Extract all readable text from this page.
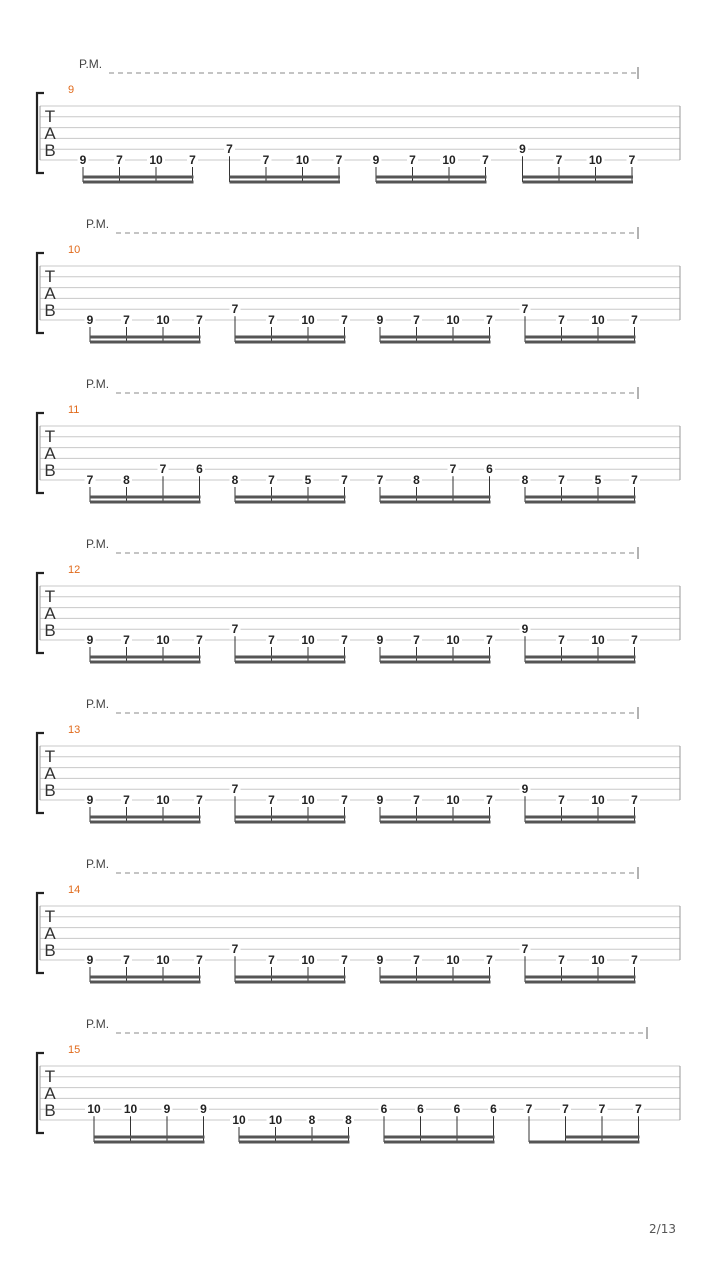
P.M.
9
T
A
B 9 7 10 7
7
7 10 7	9 7 10 7
9
7 10 7
P.M.
10
T
A
B	9 7 10 7
7
7 10 7 9 7 10 7
7
7 10 7
P.M.
11
T
A
B	7 8
7 6
8 7 5 7 7 8
7 6
8 7 5 7
P.M.
12
T
A
B	9 7 10 7
7
7 10 7 9 7 10 7
9
7 10 7
P.M.
13
T
A
B	9 7 10 7
7
7 10 7 9 7 10 7
9
7 10 7
P.M.
14
T
A
B	9 7 10 7
7
7 10 7 9 7 10 7
7
7 10 7
P.M.
15
T
A
B	10 10 9 9
10 10 8 8
6 6 6 6 7 7 7 7
2/13
